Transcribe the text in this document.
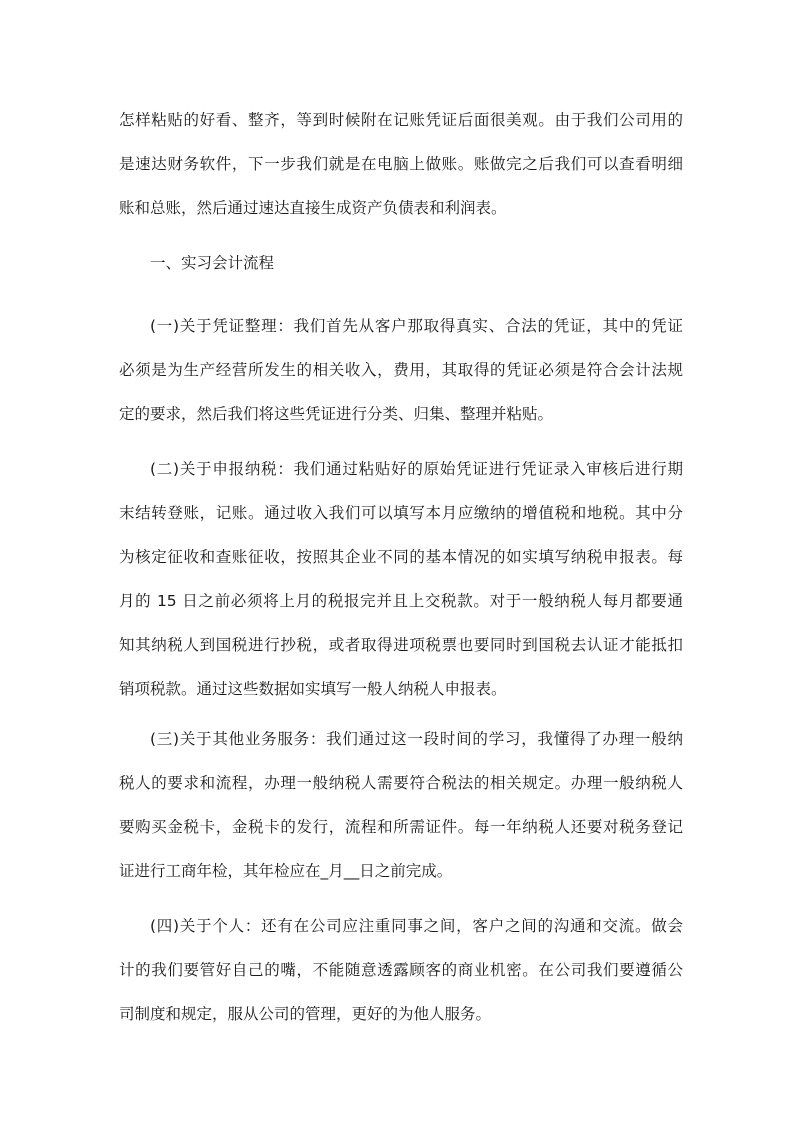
怎样粘贴的好看、整齐，等到时候附在记账凭证后面很美观。由于我们公司用的
是速达财务软件，下一步我们就是在电脑上做账。账做完之后我们可以查看明细
账和总账，然后通过速达直接生成资产负债表和利润表。
一、实习会计流程
(一)关于凭证整理：我们首先从客户那取得真实、合法的凭证，其中的凭证
必须是为生产经营所发生的相关收入，费用，其取得的凭证必须是符合会计法规
定的要求，然后我们将这些凭证进行分类、归集、整理并粘贴。
(二)关于申报纳税：我们通过粘贴好的原始凭证进行凭证录入审核后进行期
末结转登账，记账。通过收入我们可以填写本月应缴纳的增值税和地税。其中分
为核定征收和查账征收，按照其企业不同的基本情况的如实填写纳税申报表。每
月的 15 日之前必须将上月的税报完并且上交税款。对于一般纳税人每月都要通
知其纳税人到国税进行抄税，或者取得进项税票也要同时到国税去认证才能抵扣
销项税款。通过这些数据如实填写一般人纳税人申报表。
(三)关于其他业务服务：我们通过这一段时间的学习，我懂得了办理一般纳
税人的要求和流程，办理一般纳税人需要符合税法的相关规定。办理一般纳税人
要购买金税卡，金税卡的发行，流程和所需证件。每一年纳税人还要对税务登记
证进行工商年检，其年检应在_月__日之前完成。
(四)关于个人：还有在公司应注重同事之间，客户之间的沟通和交流。做会
计的我们要管好自己的嘴，不能随意透露顾客的商业机密。在公司我们要遵循公
司制度和规定，服从公司的管理，更好的为他人服务。
